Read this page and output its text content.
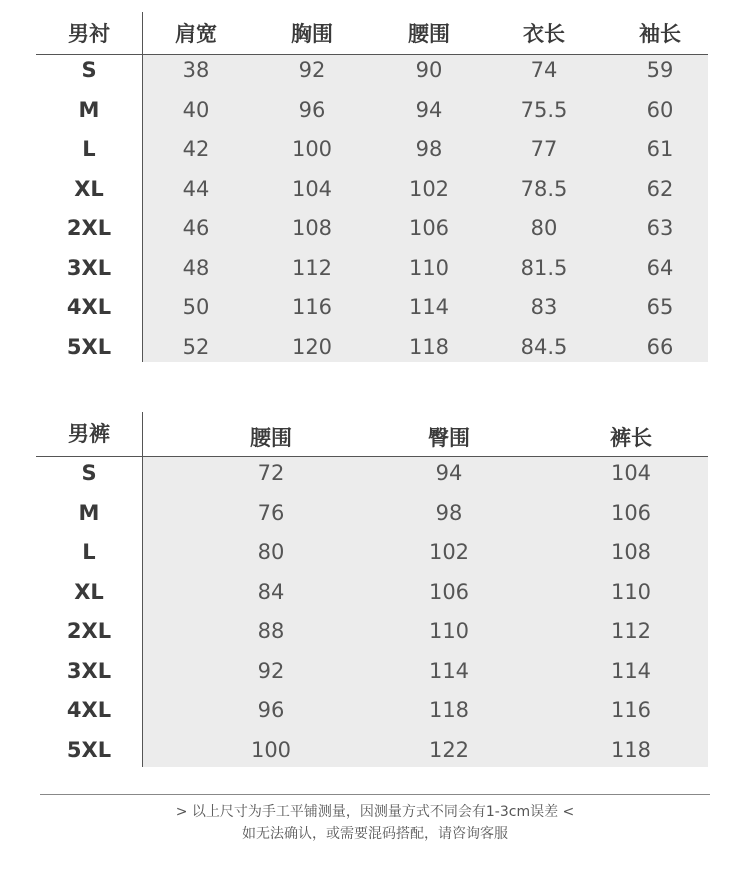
男衬	肩宽	胸围	腰围	衣长	袖长
S	38	92	90	74	59
M	40	96	94	75.5	60
L	42	100	98	77	61
XL	44	104	102	78.5	62
2XL	46	108	106	80	63
3XL	48	112	110	81.5	64
4XL	50	116	114	83	65
5XL	52	120	118	84.5	66
男裤	腰围	臀围	裤长
S	72	94	104
M	76	98	106
L	80	102	108
XL	84	106	110
2XL	88	110	112
3XL	92	114	114
4XL	96	118	116
5XL	100	122	118
> 以上尺寸为手工平铺测量，因测量方式不同会有1-3cm误差 <
如无法确认，或需要混码搭配，请咨询客服
